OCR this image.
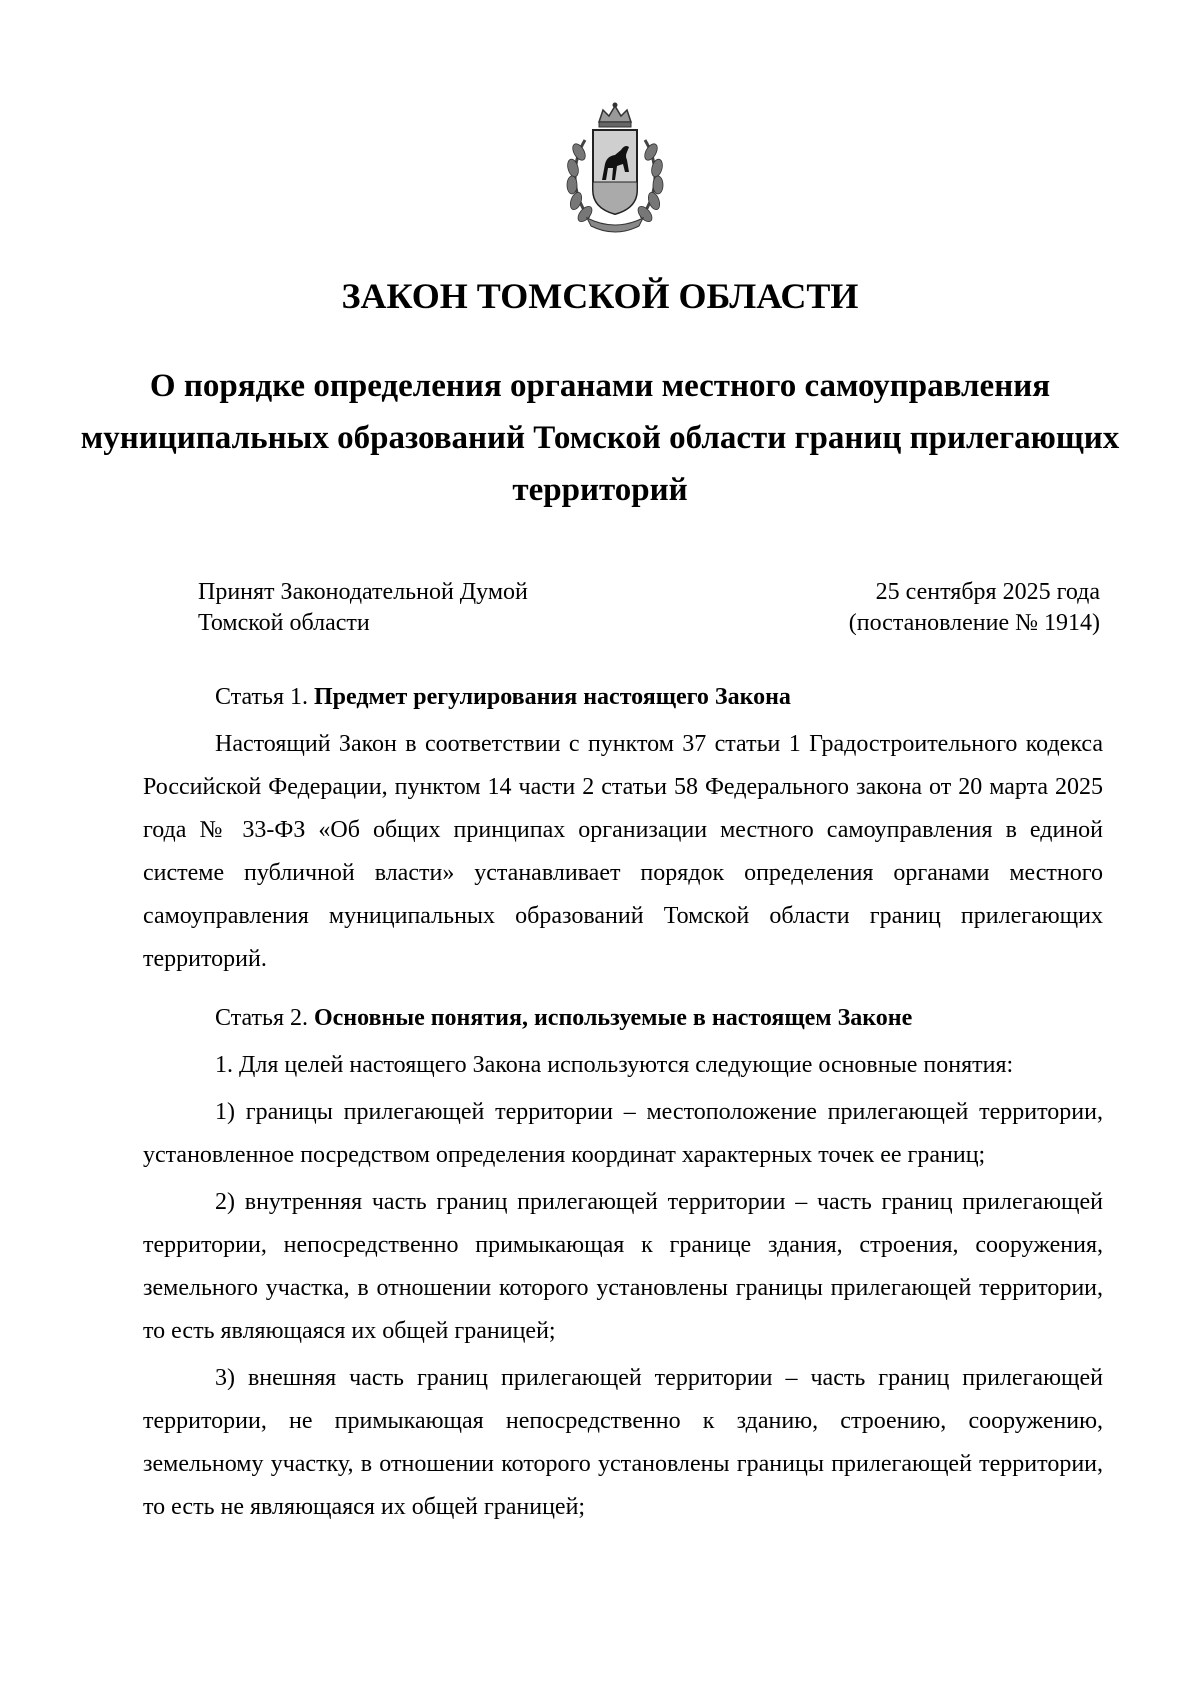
ЗАКОН ТОМСКОЙ ОБЛАСТИ
О порядке определения органами местного самоуправления муниципальных образований Томской области границ прилегающих территорий
Принят Законодательной Думой
Томской области
25 сентября 2025 года
(постановление № 1914)

Статья 1. Предмет регулирования настоящего Закона

Настоящий Закон в соответствии с пунктом 37 статьи 1 Градостроительного кодекса Российской Федерации, пунктом 14 части 2 статьи 58 Федерального закона от 20 марта 2025 года № 33-ФЗ «Об общих принципах организации местного самоуправления в единой системе публичной власти» устанавливает порядок определения органами местного самоуправления муниципальных образований Томской области границ прилегающих территорий.

Статья 2. Основные понятия, используемые в настоящем Законе

1. Для целей настоящего Закона используются следующие основные понятия:

1) границы прилегающей территории – местоположение прилегающей территории, установленное посредством определения координат характерных точек ее границ;

2) внутренняя часть границ прилегающей территории – часть границ прилегающей территории, непосредственно примыкающая к границе здания, строения, сооружения, земельного участка, в отношении которого установлены границы прилегающей территории, то есть являющаяся их общей границей;

3) внешняя часть границ прилегающей территории – часть границ прилегающей территории, не примыкающая непосредственно к зданию, строению, сооружению, земельному участку, в отношении которого установлены границы прилегающей территории, то есть не являющаяся их общей границей;
